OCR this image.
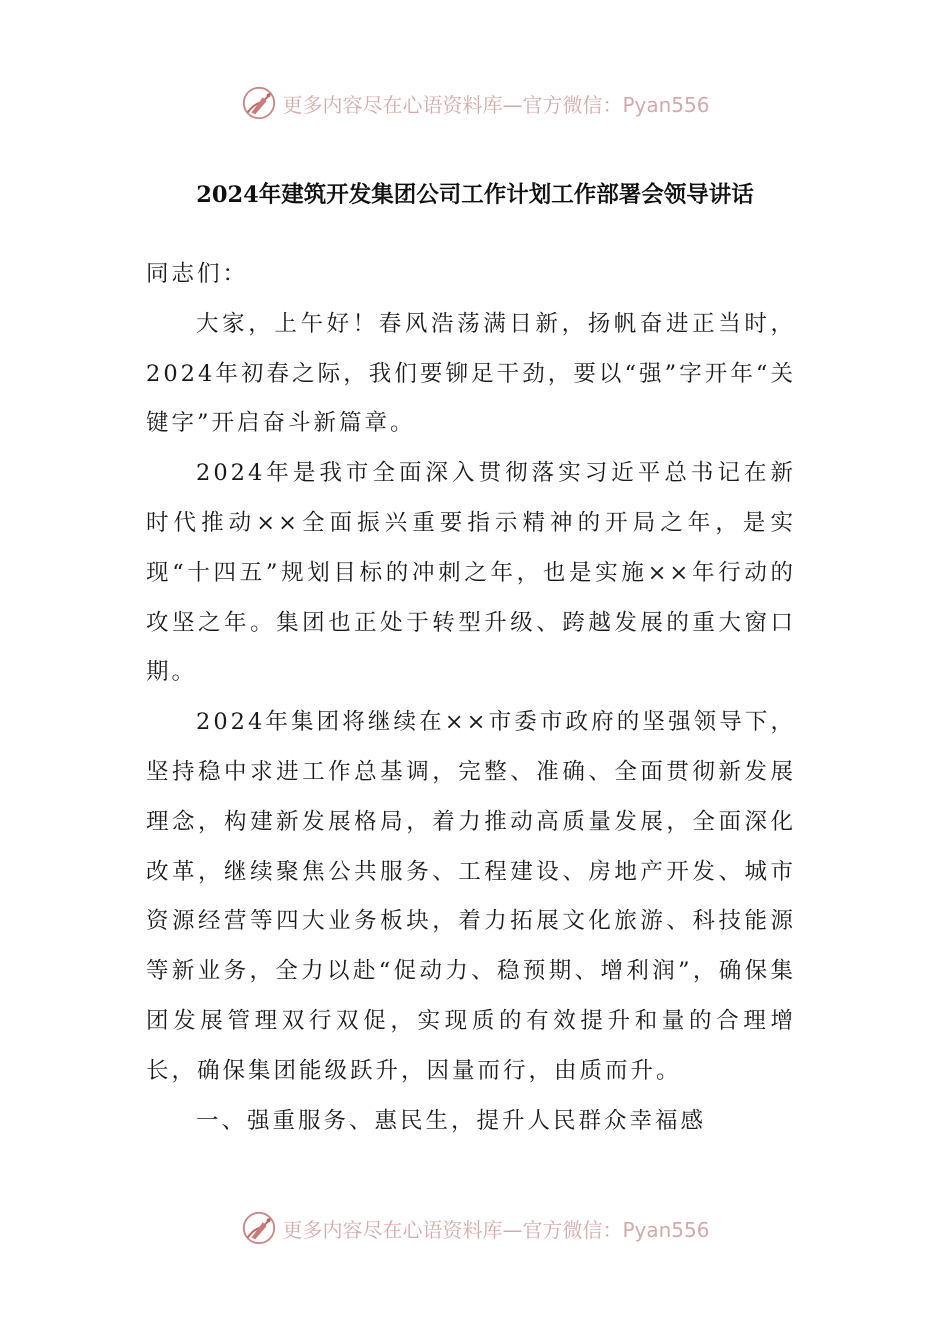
更多内容尽在心语资料库—官方微信：Pyan556
2024年建筑开发集团公司工作计划工作部署会领导讲话

同志们：

大家，上午好！春风浩荡满日新，扬帆奋进正当时，2024年初春之际，我们要铆足干劲，要以“强”字开年“关键字”开启奋斗新篇章。

2024年是我市全面深入贯彻落实习近平总书记在新时代推动××全面振兴重要指示精神的开局之年，是实现“十四五”规划目标的冲刺之年，也是实施××年行动的攻坚之年。集团也正处于转型升级、跨越发展的重大窗口期。

2024年集团将继续在××市委市政府的坚强领导下，坚持稳中求进工作总基调，完整、准确、全面贯彻新发展理念，构建新发展格局，着力推动高质量发展，全面深化改革，继续聚焦公共服务、工程建设、房地产开发、城市资源经营等四大业务板块，着力拓展文化旅游、科技能源等新业务，全力以赴“促动力、稳预期、增利润”，确保集团发展管理双行双促，实现质的有效提升和量的合理增长，确保集团能级跃升，因量而行，由质而升。

一、强重服务、惠民生，提升人民群众幸福感

更多内容尽在心语资料库—官方微信：Pyan556
